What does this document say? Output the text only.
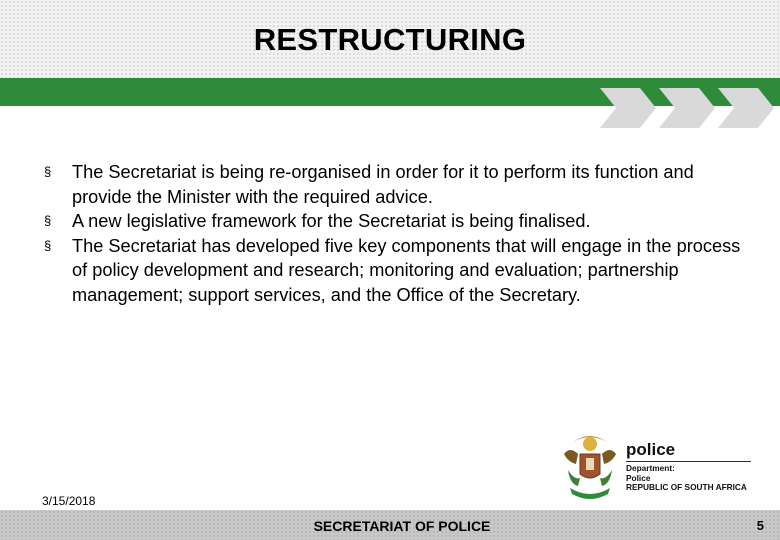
RESTRUCTURING
§ The Secretariat is being re-organised in order for it to perform its function and provide the Minister with the required advice.
§ A new legislative framework for the Secretariat is being finalised.
§ The Secretariat has developed five key components that will engage in the process of policy development and research; monitoring and evaluation; partnership management; support services, and the Office of the Secretary.
police
Department:
Police
REPUBLIC OF SOUTH AFRICA
3/15/2018
SECRETARIAT OF POLICE	5
